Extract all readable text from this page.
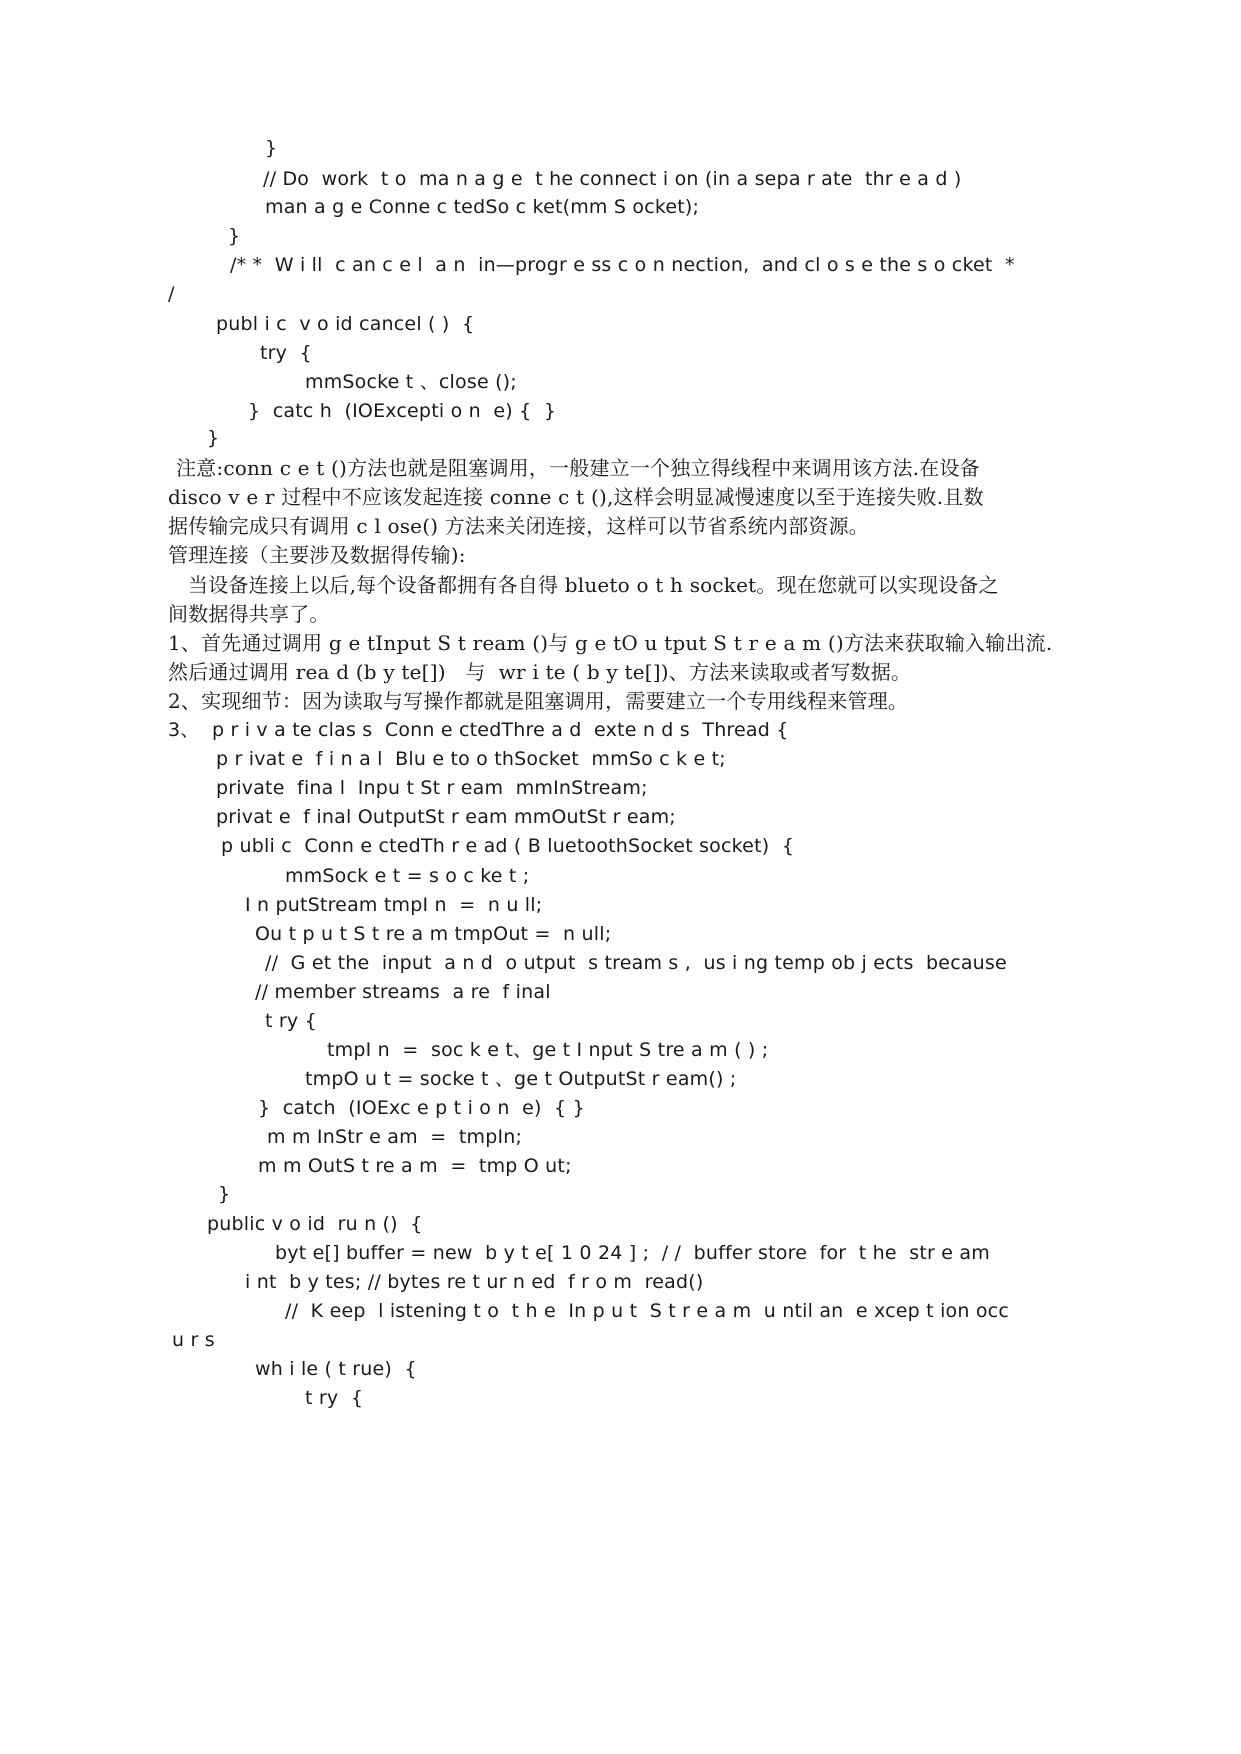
}
// Do  work  t o  ma n a g e  t he connect i on (in a sepa r ate  thr e a d )
man a g e Conne c tedSo c ket(mm S ocket);
}
/* *  W i ll  c an c e l  a n  in—progr e ss c o n nection,  and cl o s e the s o cket  *
/
publ i c  v o id cancel ( )  {
try  {
mmSocke t 、close ();
}  catc h  (IOExcepti o n  e) {  }
}
注意:conn c e t ()方法也就是阻塞调用，一般建立一个独立得线程中来调用该方法.在设备
disco v e r 过程中不应该发起连接 conne c t (),这样会明显减慢速度以至于连接失败.且数
据传输完成只有调用 c l ose() 方法来关闭连接，这样可以节省系统内部资源。
管理连接（主要涉及数据得传输):
当设备连接上以后,每个设备都拥有各自得 blueto o t h socket。现在您就可以实现设备之
间数据得共享了。
1、首先通过调用 g e tInput S t ream ()与 g e tO u tput S t r e a m ()方法来获取输入输出流.
然后通过调用 rea d (b y te[])   与  wr i te ( b y te[])、方法来读取或者写数据。
2、实现细节：因为读取与写操作都就是阻塞调用，需要建立一个专用线程来管理。
3、  p r i v a te clas s  Conn e ctedThre a d  exte n d s  Thread {
p r ivat e  f i n a l  Blu e to o thSocket  mmSo c k e t;
private  fina l  Inpu t St r eam  mmInStream;
privat e  f inal OutputSt r eam mmOutSt r eam;
p ubli c  Conn e ctedTh r e ad ( B luetoothSocket socket)  {
mmSock e t = s o c ke t ;
I n putStream tmpI n  =  n u ll;
Ou t p u t S t re a m tmpOut =  n ull;
//  G et the  input  a n d  o utput  s tream s ,  us i ng temp ob j ects  because
// member streams  a re  f inal
t ry {
tmpI n  =  soc k e t、ge t I nput S tre a m ( ) ;
tmpO u t = socke t 、ge t OutputSt r eam() ;
}  catch  (IOExc e p t i o n  e)  { }
m m InStr e am  =  tmpIn;
m m OutS t re a m  =  tmp O ut;
}
public v o id  ru n ()  {
byt e[] buffer = new  b y t e[ 1 0 24 ] ;  / /  buffer store  for  t he  str e am
i nt  b y tes; // bytes re t ur n ed  f r o m  read()
//  K eep  l istening t o  t h e  In p u t  S t r e a m  u ntil an  e xcep t ion occ
u r s
wh i le ( t rue)  {
t ry  {
